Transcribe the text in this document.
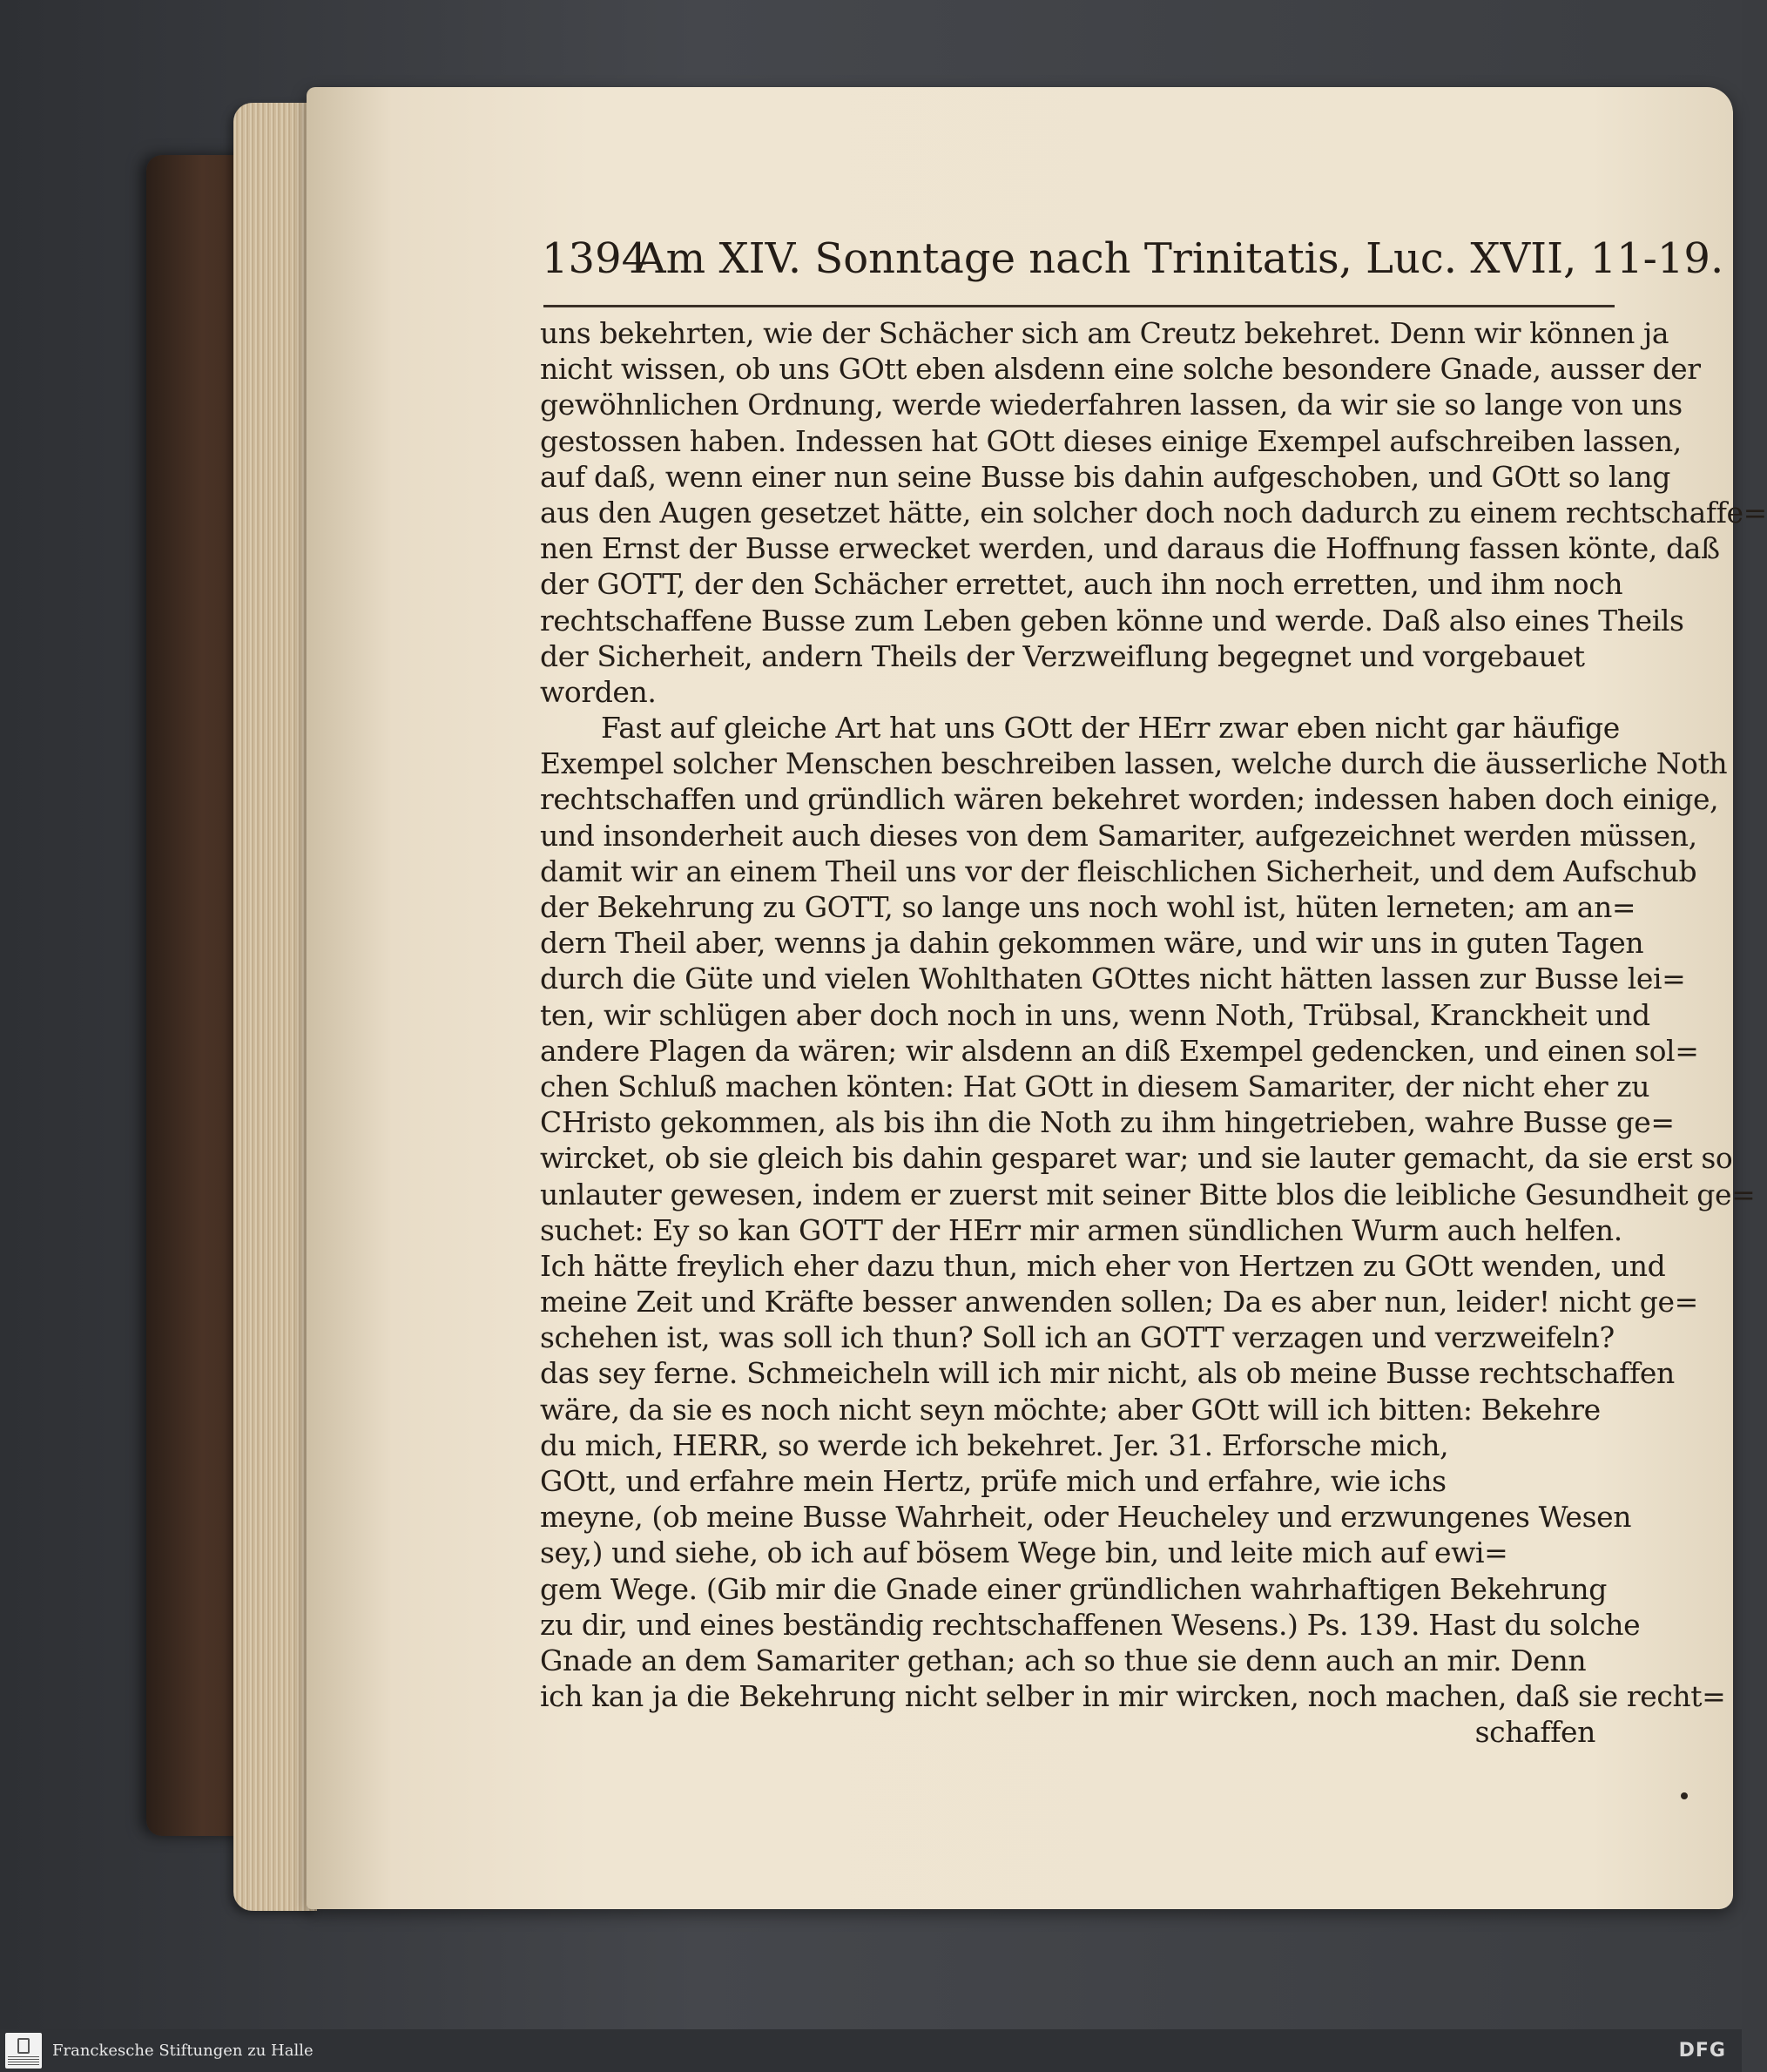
1394Am XIV. Sonntage nach Trinitatis, Luc. XVII, 11-19.
uns bekehrten, wie der Schächer sich am Creutz bekehret. Denn wir können ja
nicht wissen, ob uns GOtt eben alsdenn eine solche besondere Gnade, ausser der
gewöhnlichen Ordnung, werde wiederfahren lassen, da wir sie so lange von uns
gestossen haben. Indessen hat GOtt dieses einige Exempel aufschreiben lassen,
auf daß, wenn einer nun seine Busse bis dahin aufgeschoben, und GOtt so lang
aus den Augen gesetzet hätte, ein solcher doch noch dadurch zu einem rechtschaffe=
nen Ernst der Busse erwecket werden, und daraus die Hoffnung fassen könte, daß
der GOTT, der den Schächer errettet, auch ihn noch erretten, und ihm noch
rechtschaffene Busse zum Leben geben könne und werde. Daß also eines Theils
der Sicherheit, andern Theils der Verzweiflung begegnet und vorgebauet
worden.
Fast auf gleiche Art hat uns GOtt der HErr zwar eben nicht gar häufige
Exempel solcher Menschen beschreiben lassen, welche durch die äusserliche Noth
rechtschaffen und gründlich wären bekehret worden; indessen haben doch einige,
und insonderheit auch dieses von dem Samariter, aufgezeichnet werden müssen,
damit wir an einem Theil uns vor der fleischlichen Sicherheit, und dem Aufschub
der Bekehrung zu GOTT, so lange uns noch wohl ist, hüten lerneten; am an=
dern Theil aber, wenns ja dahin gekommen wäre, und wir uns in guten Tagen
durch die Güte und vielen Wohlthaten GOttes nicht hätten lassen zur Busse lei=
ten, wir schlügen aber doch noch in uns, wenn Noth, Trübsal, Kranckheit und
andere Plagen da wären; wir alsdenn an diß Exempel gedencken, und einen sol=
chen Schluß machen könten: Hat GOtt in diesem Samariter, der nicht eher zu
CHristo gekommen, als bis ihn die Noth zu ihm hingetrieben, wahre Busse ge=
wircket, ob sie gleich bis dahin gesparet war; und sie lauter gemacht, da sie erst so
unlauter gewesen, indem er zuerst mit seiner Bitte blos die leibliche Gesundheit ge=
suchet: Ey so kan GOTT der HErr mir armen sündlichen Wurm auch helfen.
Ich hätte freylich eher dazu thun, mich eher von Hertzen zu GOtt wenden, und
meine Zeit und Kräfte besser anwenden sollen; Da es aber nun, leider! nicht ge=
schehen ist, was soll ich thun? Soll ich an GOTT verzagen und verzweifeln?
das sey ferne. Schmeicheln will ich mir nicht, als ob meine Busse rechtschaffen
wäre, da sie es noch nicht seyn möchte; aber GOtt will ich bitten: Bekehre
du mich, HERR, so werde ich bekehret. Jer. 31. Erforsche mich,
GOtt, und erfahre mein Hertz, prüfe mich und erfahre, wie ichs
meyne, (ob meine Busse Wahrheit, oder Heucheley und erzwungenes Wesen
sey,) und siehe, ob ich auf bösem Wege bin, und leite mich auf ewi=
gem Wege. (Gib mir die Gnade einer gründlichen wahrhaftigen Bekehrung
zu dir, und eines beständig rechtschaffenen Wesens.) Ps. 139. Hast du solche
Gnade an dem Samariter gethan; ach so thue sie denn auch an mir. Denn
ich kan ja die Bekehrung nicht selber in mir wircken, noch machen, daß sie recht=
schaffen
Franckesche Stiftungen zu Halle	DFG
